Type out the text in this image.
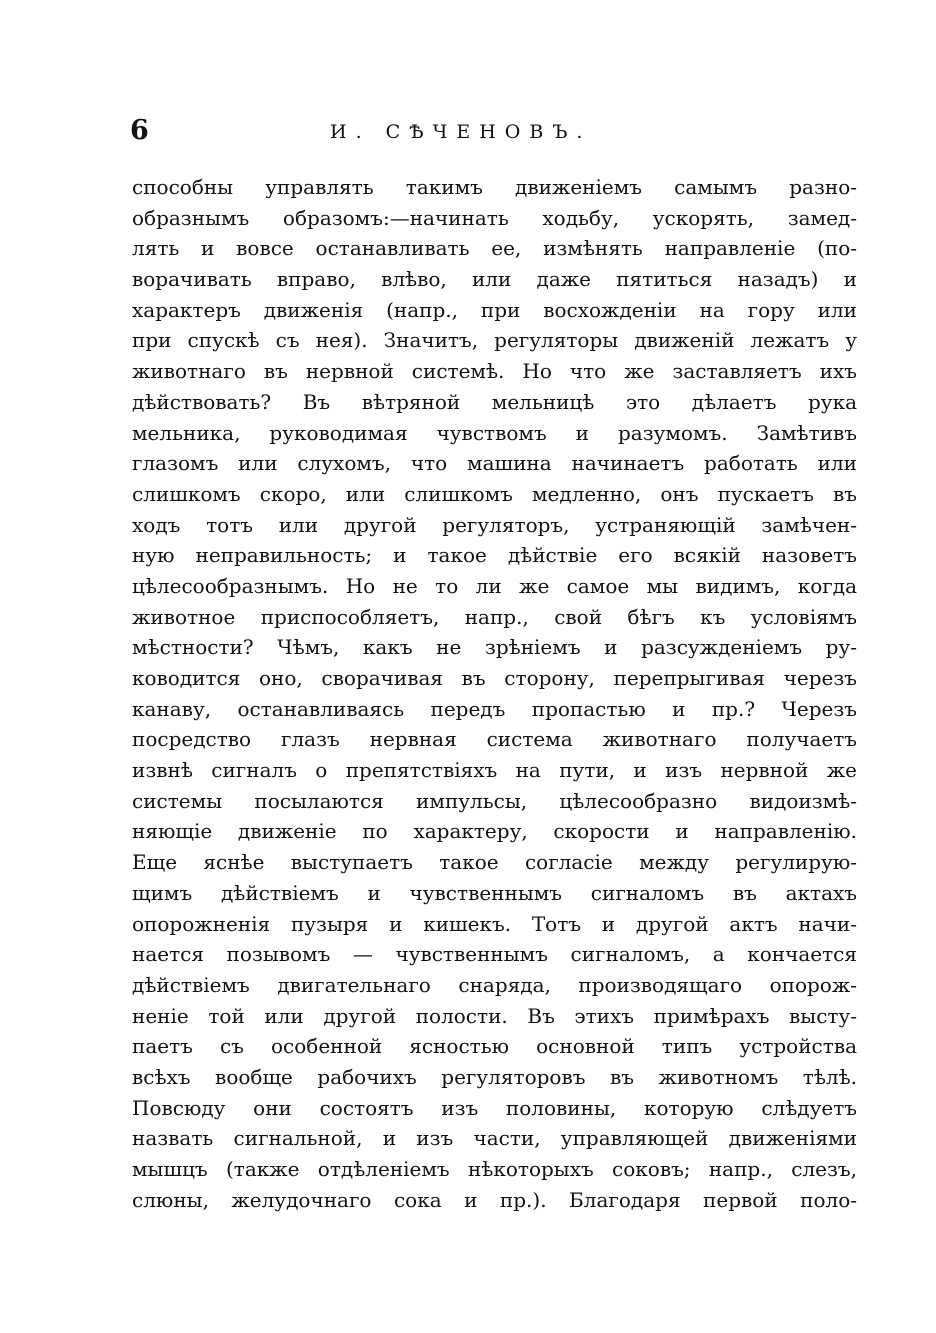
6	И. СѢЧЕНОВЪ.
способны управлять такимъ движеніемъ самымъ разно-
образнымъ образомъ:—начинать ходьбу, ускорять, замед-
лять и вовсе останавливать ее, измѣнять направленіе (по-
ворачивать вправо, влѣво, или даже пятиться назадъ) и
характеръ движенія (напр., при восхожденіи на гору или
при спускѣ съ нея). Значитъ, регуляторы движеній лежатъ у
животнаго въ нервной системѣ. Но что же заставляетъ ихъ
дѣйствовать? Въ вѣтряной мельницѣ это дѣлаетъ рука
мельника, руководимая чувствомъ и разумомъ. Замѣтивъ
глазомъ или слухомъ, что машина начинаетъ работать или
слишкомъ скоро, или слишкомъ медленно, онъ пускаетъ въ
ходъ тотъ или другой регуляторъ, устраняющій замѣчен-
ную неправильность; и такое дѣйствіе его всякій назоветъ
цѣлесообразнымъ. Но не то ли же самое мы видимъ, когда
животное приспособляетъ, напр., свой бѣгъ къ условіямъ
мѣстности? Чѣмъ, какъ не зрѣніемъ и разсужденіемъ ру-
ководится оно, сворачивая въ сторону, перепрыгивая черезъ
канаву, останавливаясь передъ пропастью и пр.? Черезъ
посредство глазъ нервная система животнаго получаетъ
извнѣ сигналъ о препятствіяхъ на пути, и изъ нервной же
системы посылаются импульсы, цѣлесообразно видоизмѣ-
няющіе движеніе по характеру, скорости и направленію.
Еще яснѣе выступаетъ такое согласіе между регулирую-
щимъ дѣйствіемъ и чувственнымъ сигналомъ въ актахъ
опорожненія пузыря и кишекъ. Тотъ и другой актъ начи-
нается позывомъ — чувственнымъ сигналомъ, а кончается
дѣйствіемъ двигательнаго снаряда, производящаго опорож-
неніе той или другой полости. Въ этихъ примѣрахъ высту-
паетъ съ особенной ясностью основной типъ устройства
всѣхъ вообще рабочихъ регуляторовъ въ животномъ тѣлѣ.
Повсюду они состоятъ изъ половины, которую слѣдуетъ
назвать сигнальной, и изъ части, управляющей движеніями
мышцъ (также отдѣленіемъ нѣкоторыхъ соковъ; напр., слезъ,
слюны, желудочнаго сока и пр.). Благодаря первой поло-
